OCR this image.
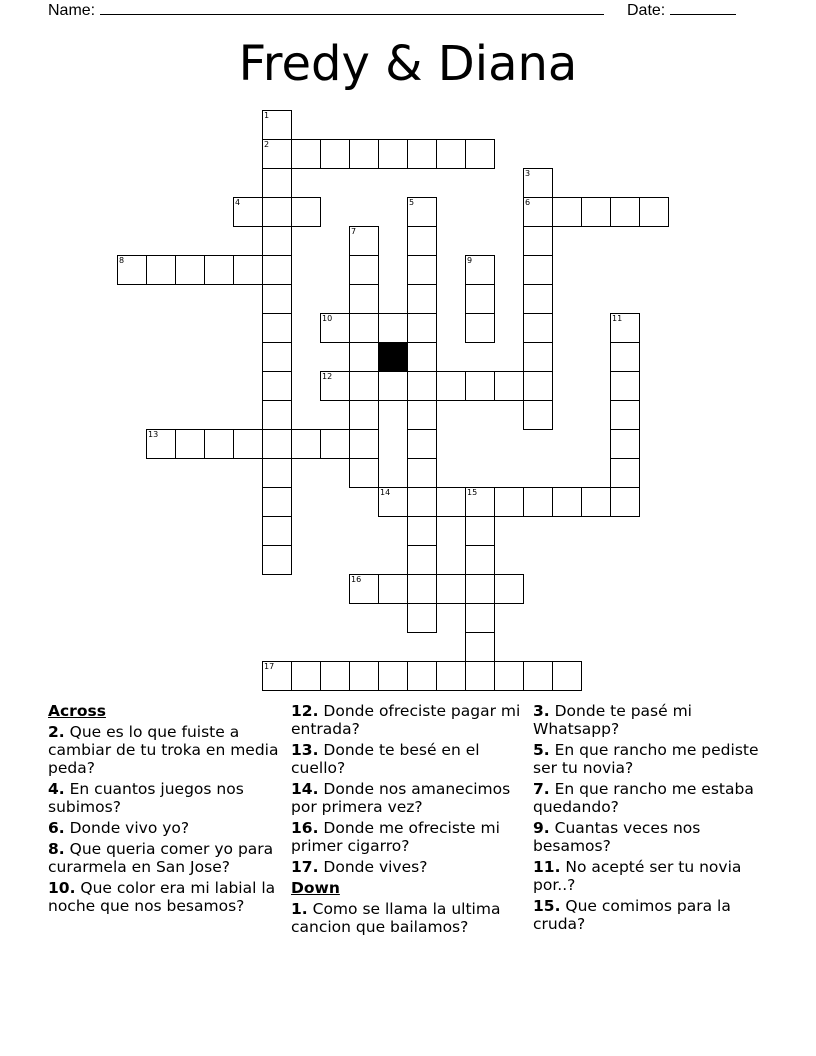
Name:	Date:
Fredy & Diana
1
2
3
4	5	6
7
8	9
10	11
12
13
14	15
16
17
Across
2. Que es lo que fuiste a cambiar de tu troka en media peda?
4. En cuantos juegos nos subimos?
6. Donde vivo yo?
8. Que queria comer yo para curarmela en San Jose?
10. Que color era mi labial la noche que nos besamos?
12. Donde ofreciste pagar mi entrada?
13. Donde te besé en el cuello?
14. Donde nos amanecimos por primera vez?
16. Donde me ofreciste mi primer cigarro?
17. Donde vives?
Down
1. Como se llama la ultima cancion que bailamos?
3. Donde te pasé mi Whatsapp?
5. En que rancho me pediste ser tu novia?
7. En que rancho me estaba quedando?
9. Cuantas veces nos besamos?
11. No acepté ser tu novia por..?
15. Que comimos para la cruda?
